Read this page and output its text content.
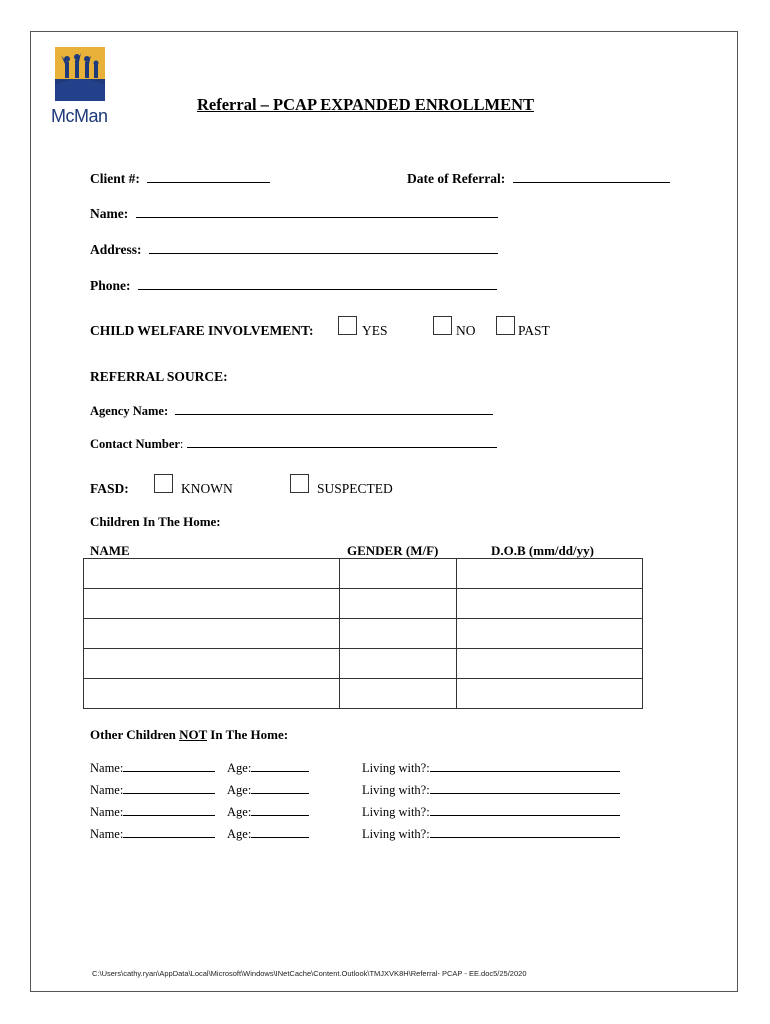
McMan
Referral – PCAP EXPANDED ENROLLMENT
Client #:	Date of Referral:
Name:
Address:
Phone:
CHILD WELFARE INVOLVEMENT:	YES	NO	PAST
REFERRAL SOURCE:
Agency Name:
Contact Number:
FASD:	KNOWN	SUSPECTED
Children In The Home:
NAME	GENDER (M/F)	D.O.B (mm/dd/yy)

Other Children NOT In The Home:
Name:	Age:	Living with?:
Name:	Age:	Living with?:
Name:	Age:	Living with?:
Name:	Age:	Living with?:
C:\Users\cathy.ryan\AppData\Local\Microsoft\Windows\INetCache\Content.Outlook\TMJXVK8H\Referral- PCAP - EE.doc5/25/2020
